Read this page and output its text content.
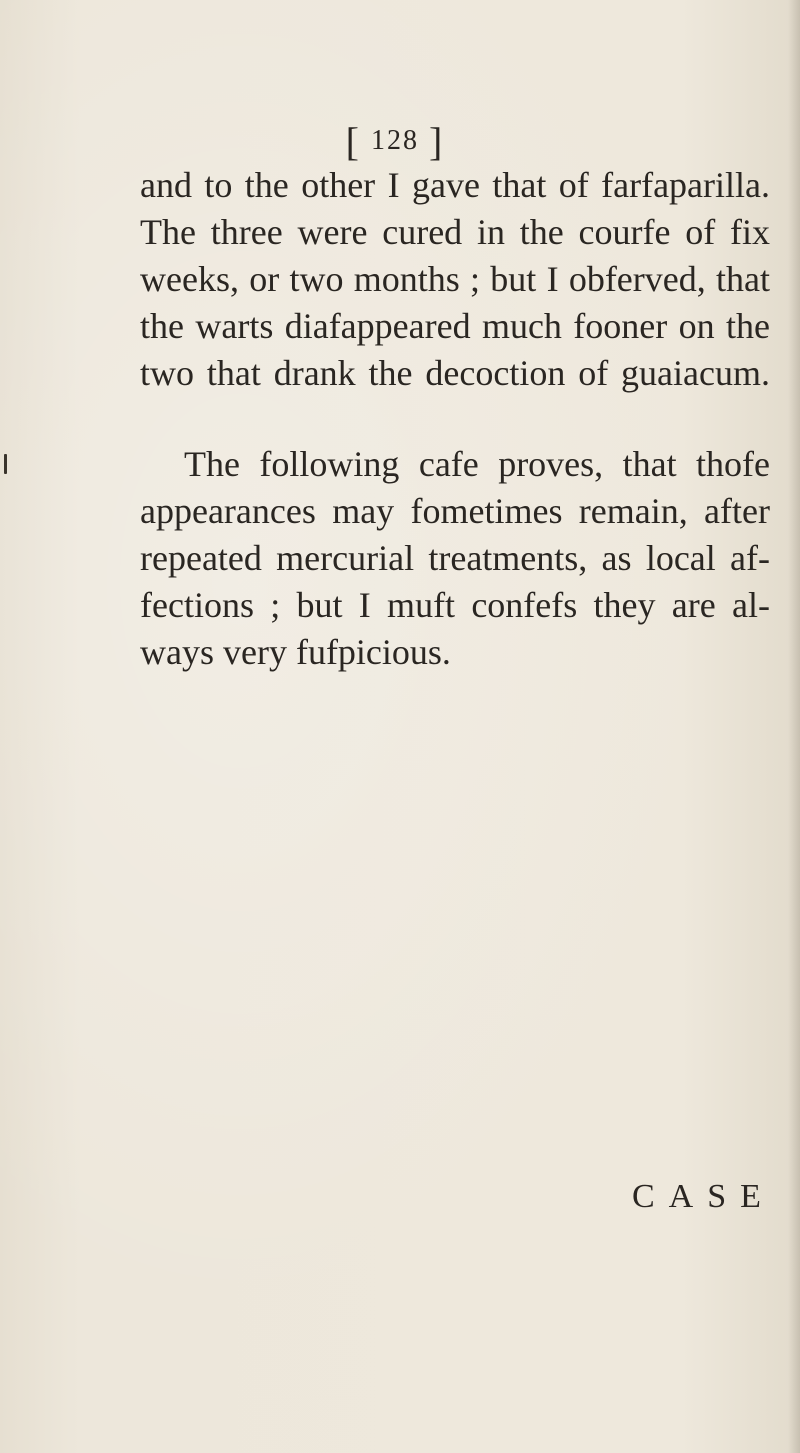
[ 128 ]
and to the other I gave that of farfaparilla.
The three were cured in the courfe of fix
weeks, or two months ; but I obferved, that
the warts diafappeared much fooner on the
two that drank the decoction of guaiacum.
The following cafe proves, that thofe
appearances may fometimes remain, after
repeated mercurial treatments, as local af-
fections ; but I muft confefs they are al-
ways very fufpicious.
CASE
